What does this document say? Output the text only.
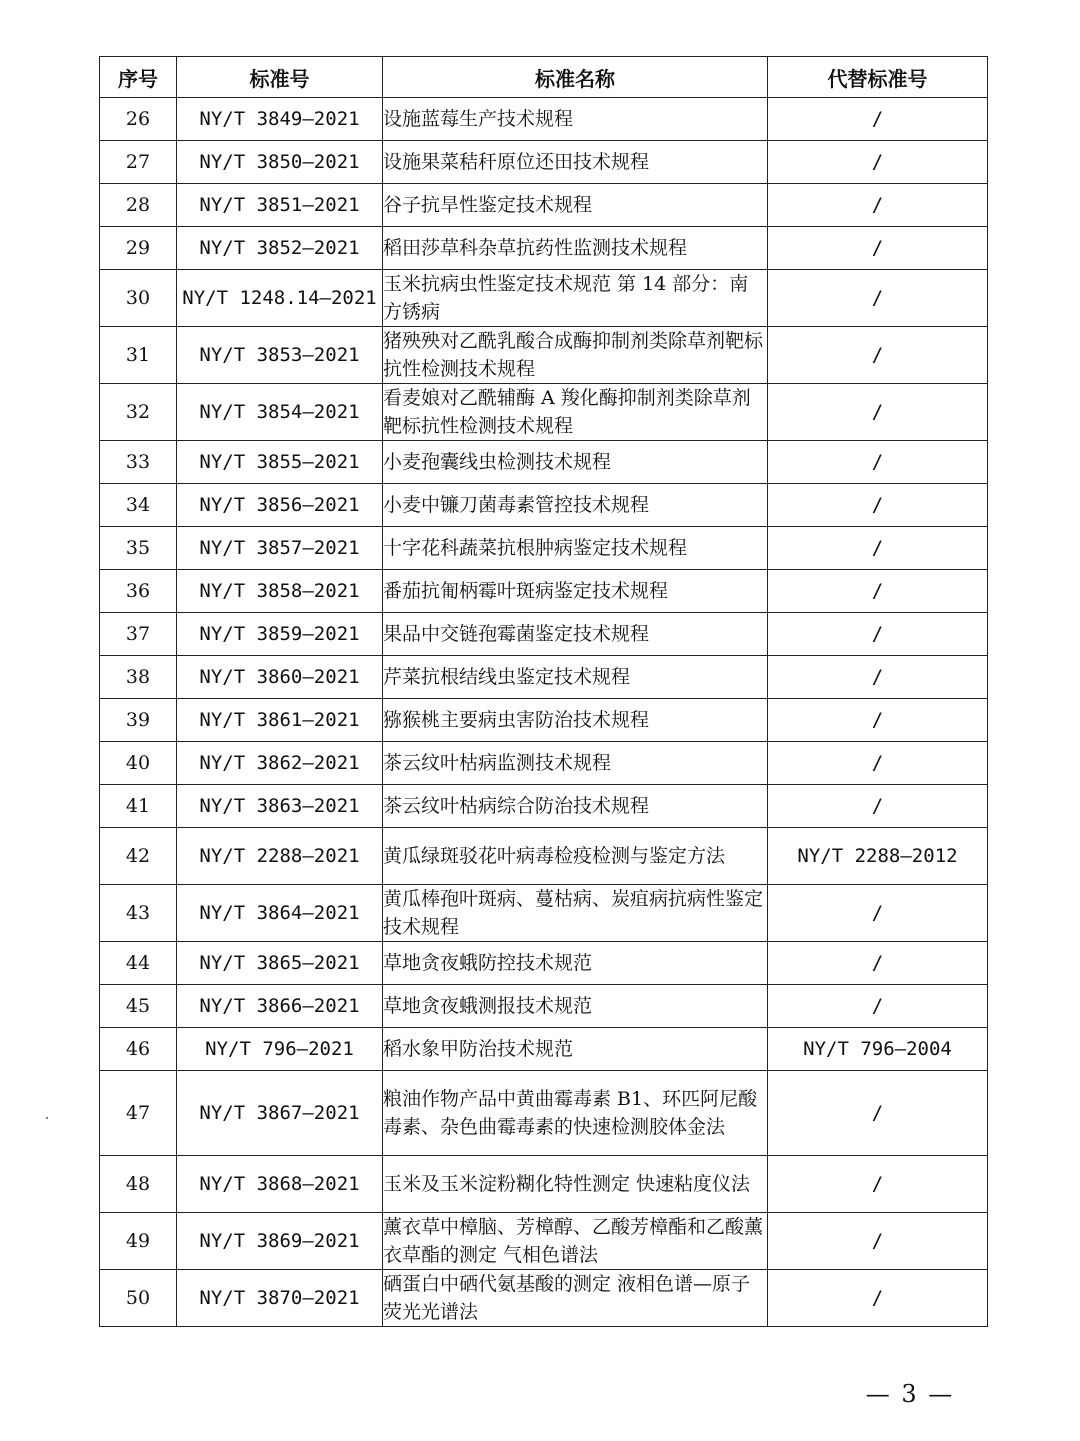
序号	标准号	标准名称	代替标准号
26	NY/T 3849—2021	设施蓝莓生产技术规程	/
27	NY/T 3850—2021	设施果菜秸秆原位还田技术规程	/
28	NY/T 3851—2021	谷子抗旱性鉴定技术规程	/
29	NY/T 3852—2021	稻田莎草科杂草抗药性监测技术规程	/
30	NY/T 1248.14—2021	玉米抗病虫性鉴定技术规范 第 14 部分：南方锈病	/
31	NY/T 3853—2021	猪殃殃对乙酰乳酸合成酶抑制剂类除草剂靶标抗性检测技术规程	/
32	NY/T 3854—2021	看麦娘对乙酰辅酶 A 羧化酶抑制剂类除草剂靶标抗性检测技术规程	/
33	NY/T 3855—2021	小麦孢囊线虫检测技术规程	/
34	NY/T 3856—2021	小麦中镰刀菌毒素管控技术规程	/
35	NY/T 3857—2021	十字花科蔬菜抗根肿病鉴定技术规程	/
36	NY/T 3858—2021	番茄抗匍柄霉叶斑病鉴定技术规程	/
37	NY/T 3859—2021	果品中交链孢霉菌鉴定技术规程	/
38	NY/T 3860—2021	芹菜抗根结线虫鉴定技术规程	/
39	NY/T 3861—2021	猕猴桃主要病虫害防治技术规程	/
40	NY/T 3862—2021	茶云纹叶枯病监测技术规程	/
41	NY/T 3863—2021	茶云纹叶枯病综合防治技术规程	/
42	NY/T 2288—2021	黄瓜绿斑驳花叶病毒检疫检测与鉴定方法	NY/T 2288—2012
43	NY/T 3864—2021	黄瓜棒孢叶斑病、蔓枯病、炭疽病抗病性鉴定技术规程	/
44	NY/T 3865—2021	草地贪夜蛾防控技术规范	/
45	NY/T 3866—2021	草地贪夜蛾测报技术规范	/
46	NY/T 796—2021	稻水象甲防治技术规范	NY/T 796—2004
47	NY/T 3867—2021	粮油作物产品中黄曲霉毒素 B1、环匹阿尼酸毒素、杂色曲霉毒素的快速检测胶体金法	/
48	NY/T 3868—2021	玉米及玉米淀粉糊化特性测定 快速粘度仪法	/
49	NY/T 3869—2021	薰衣草中樟脑、芳樟醇、乙酸芳樟酯和乙酸薰衣草酯的测定 气相色谱法	/
50	NY/T 3870—2021	硒蛋白中硒代氨基酸的测定 液相色谱—原子荧光光谱法	/
— 3 —
